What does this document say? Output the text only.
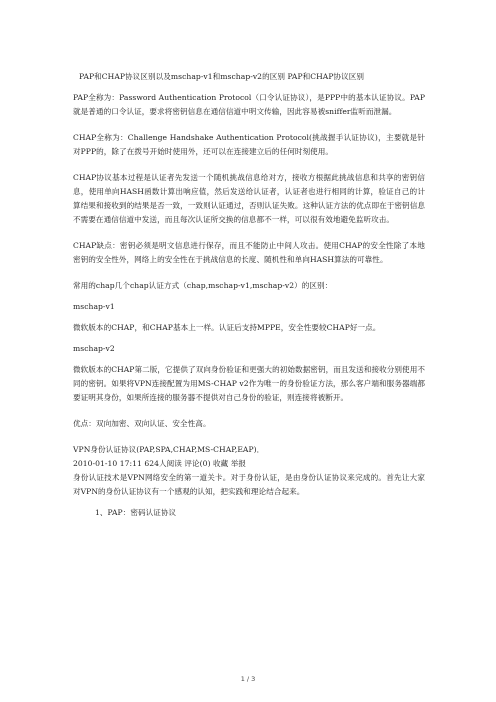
PAP和CHAP协议区别以及mschap-v1和mschap-v2的区别 PAP和CHAP协议区别

PAP全称为：Password Authentication Protocol（口令认证协议），是PPP中的基本认证协议。PAP就是普通的口令认证，要求将密钥信息在通信信道中明文传输，因此容易被sniffer监听而泄漏。

CHAP全称为：Challenge Handshake Authentication Protocol(挑战握手认证协议)，主要就是针对PPP的，除了在拨号开始时使用外，还可以在连接建立后的任何时刻使用。

CHAP协议基本过程是认证者先发送一个随机挑战信息给对方，接收方根据此挑战信息和共享的密钥信息，使用单向HASH函数计算出响应值，然后发送给认证者，认证者也进行相同的计算，验证自己的计算结果和接收到的结果是否一致，一致则认证通过，否则认证失败。这种认证方法的优点即在于密钥信息不需要在通信信道中发送，而且每次认证所交换的信息都不一样，可以很有效地避免监听攻击。

CHAP缺点：密钥必须是明文信息进行保存，而且不能防止中间人攻击。使用CHAP的安全性除了本地密钥的安全性外，网络上的安全性在于挑战信息的长度、随机性和单向HASH算法的可靠性。

常用的chap几个chap认证方式（chap,mschap-v1,mschap-v2）的区别：

mschap-v1

微软版本的CHAP，和CHAP基本上一样。认证后支持MPPE，安全性要较CHAP好一点。

mschap-v2

微软版本的CHAP第二版，它提供了双向身份验证和更强大的初始数据密钥，而且发送和接收分别使用不同的密钥。如果将VPN连接配置为用MS-CHAP v2作为唯一的身份验证方法，那么客户端和服务器端都要证明其身份，如果所连接的服务器不提供对自己身份的验证，则连接将被断开。

优点：双向加密、双向认证、安全性高。

VPN身份认证协议(PAP,SPA,CHAP,MS-CHAP,EAP)．

2010-01-10 17:11 624人阅读 评论(0) 收藏 举报

身份认证技术是VPN网络安全的第一道关卡。对于身份认证，是由身份认证协议来完成的。首先让大家对VPN的身份认证协议有一个感观的认知，把实践和理论结合起来。

1、PAP：密码认证协议

1 / 3
